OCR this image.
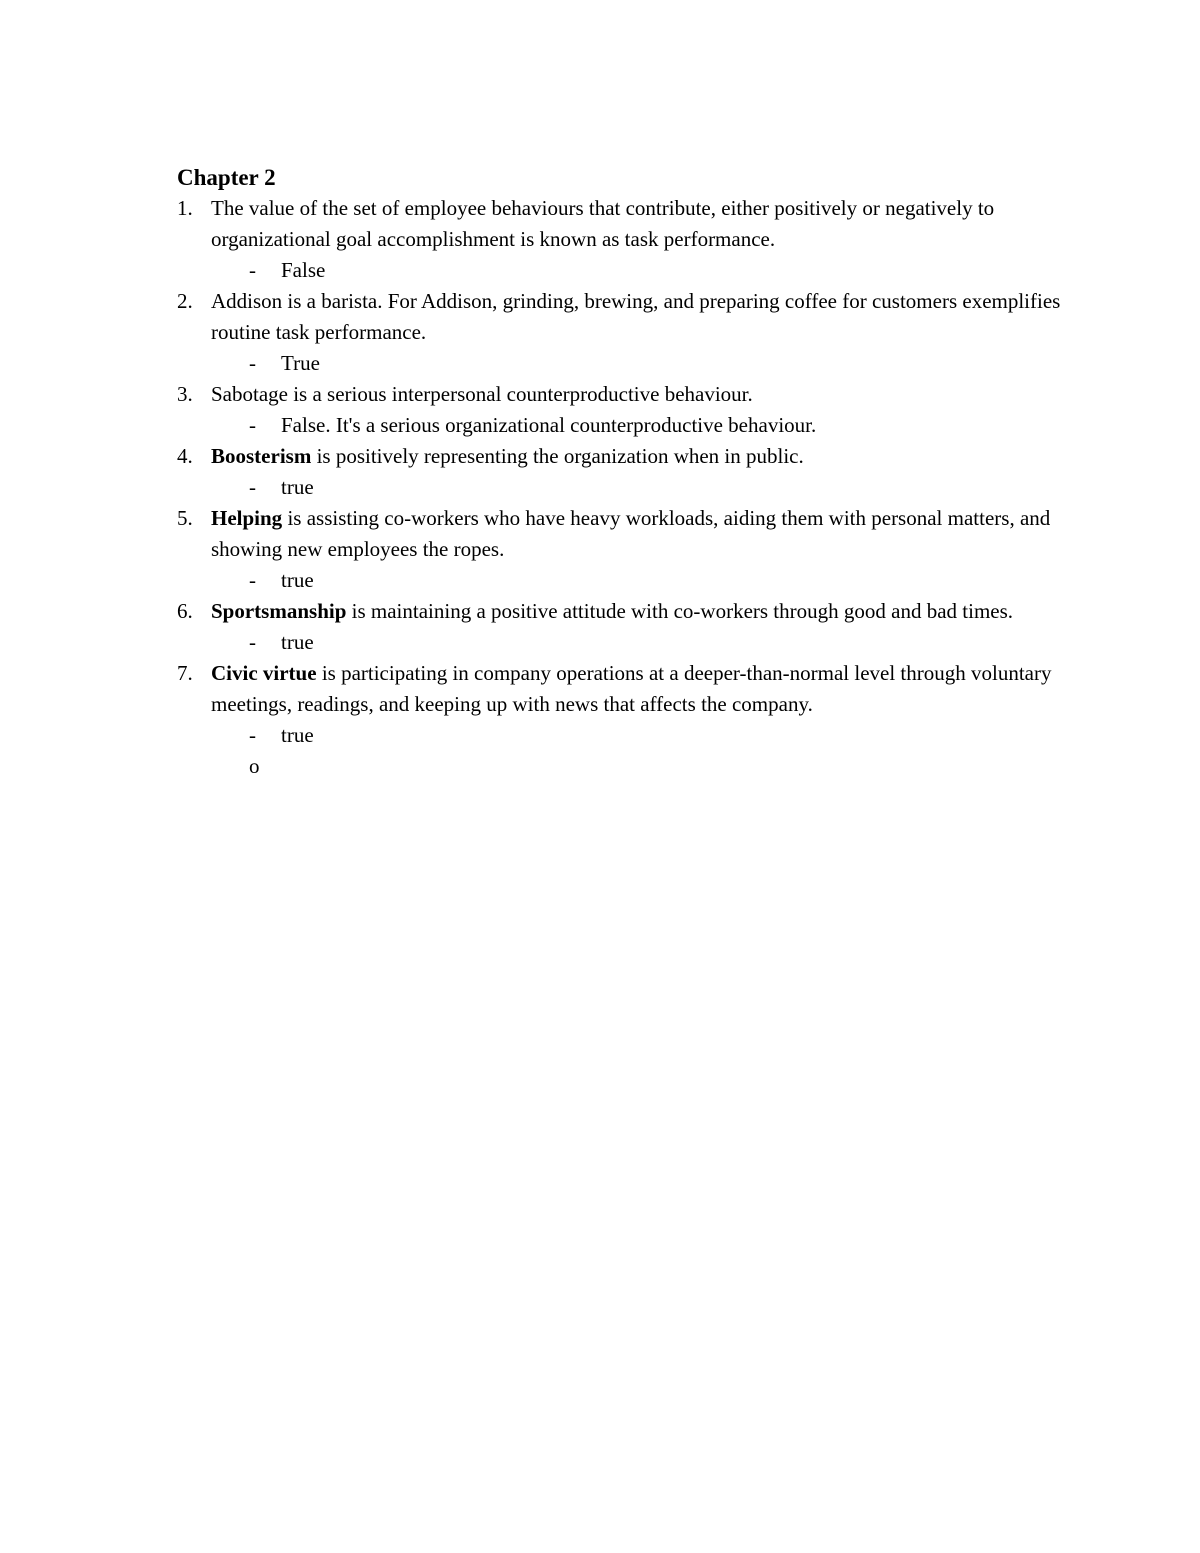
Chapter 2
1. The value of the set of employee behaviours that contribute, either positively or negatively to organizational goal accomplishment is known as task performance.
- False
2. Addison is a barista. For Addison, grinding, brewing, and preparing coffee for customers exemplifies routine task performance.
- True
3. Sabotage is a serious interpersonal counterproductive behaviour.
- False. It's a serious organizational counterproductive behaviour.
4. Boosterism is positively representing the organization when in public.
- true
5. Helping is assisting co-workers who have heavy workloads, aiding them with personal matters, and showing new employees the ropes.
- true
6. Sportsmanship is maintaining a positive attitude with co-workers through good and bad times.
- true
7. Civic virtue is participating in company operations at a deeper-than-normal level through voluntary meetings, readings, and keeping up with news that affects the company.
- true
o
